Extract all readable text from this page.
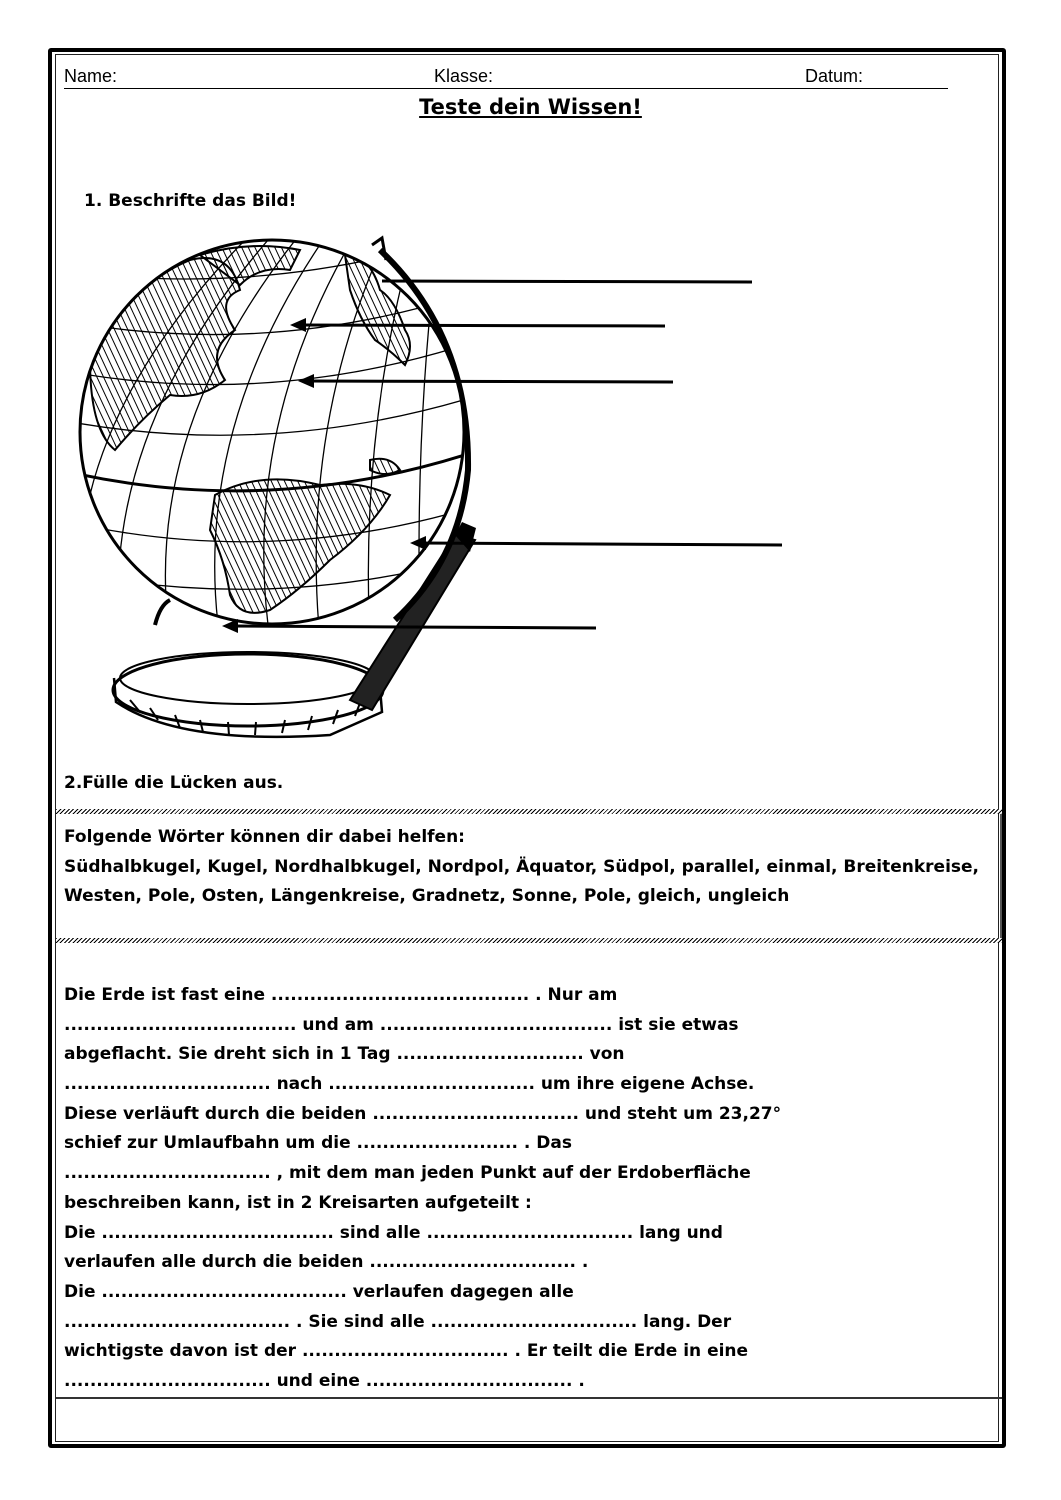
Name:	Klasse:	Datum:
Teste dein Wissen!
1. Beschrifte das Bild!
2.Fülle die Lücken aus.
Folgende Wörter können dir dabei helfen:
Südhalbkugel, Kugel, Nordhalbkugel, Nordpol, Äquator, Südpol, parallel, einmal, Breitenkreise, Westen, Pole, Osten, Längenkreise, Gradnetz, Sonne, Pole, gleich, ungleich
Die Erde ist fast eine ........................................ . Nur am
.................................... und am .................................... ist sie etwas
abgeflacht. Sie dreht sich in 1 Tag ............................. von
................................ nach ................................ um ihre eigene Achse.
Diese verläuft durch die beiden ................................ und steht um 23,27°
schief zur Umlaufbahn um die ......................... . Das
................................ , mit dem man jeden Punkt auf der Erdoberfläche
beschreiben kann, ist in 2 Kreisarten aufgeteilt :
Die .................................... sind alle ................................ lang und
verlaufen alle durch die beiden ................................ .
Die ...................................... verlaufen dagegen alle
................................... . Sie sind alle ................................ lang. Der
wichtigste davon ist der ................................ . Er teilt die Erde in eine
................................ und eine ................................ .
